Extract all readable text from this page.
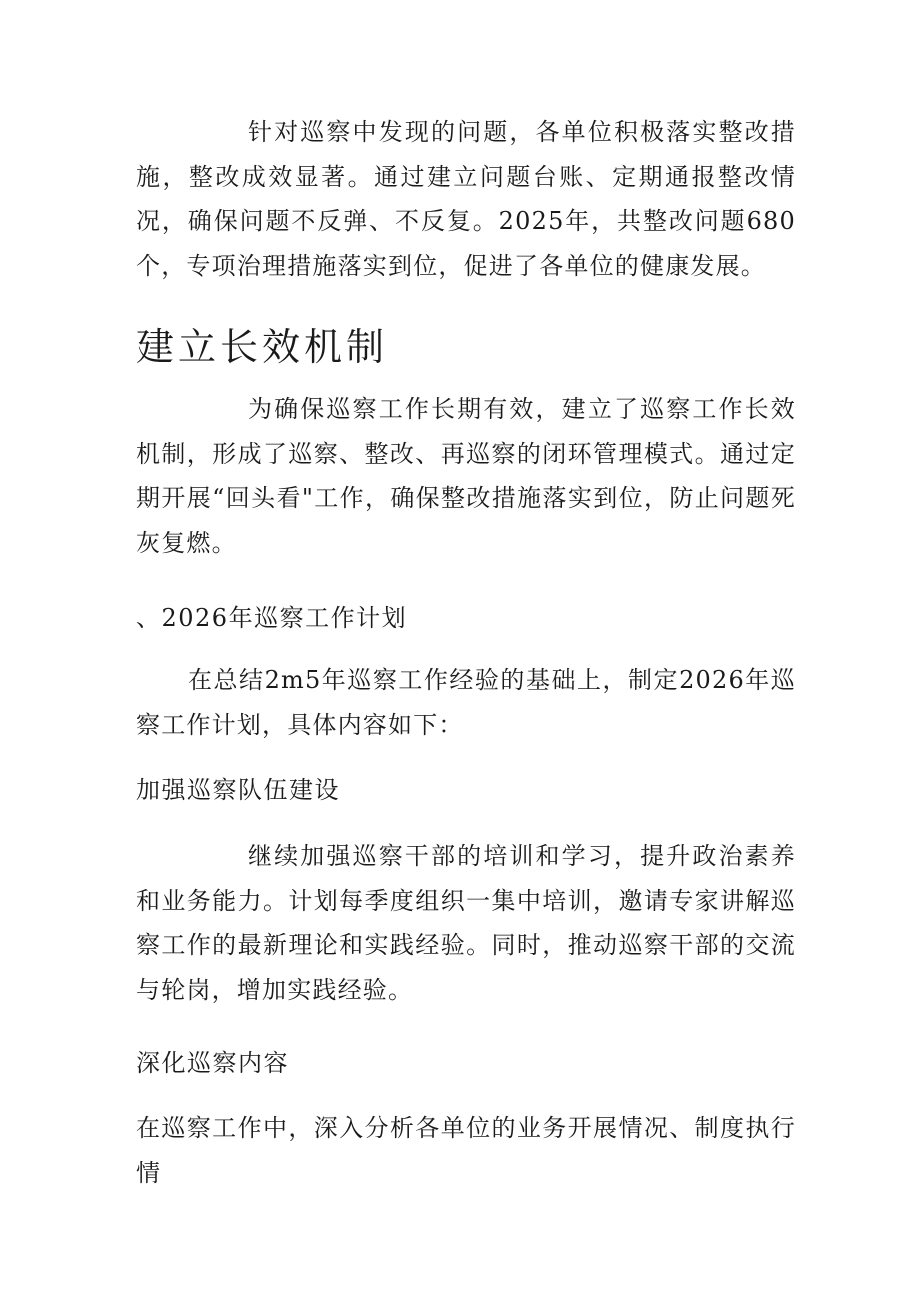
针对巡察中发现的问题，各单位积极落实整改措施，整改成效显著。通过建立问题台账、定期通报整改情况，确保问题不反弹、不反复。2025年，共整改问题680个，专项治理措施落实到位，促进了各单位的健康发展。

建立长效机制

为确保巡察工作长期有效，建立了巡察工作长效机制，形成了巡察、整改、再巡察的闭环管理模式。通过定期开展“回头看"工作，确保整改措施落实到位，防止问题死灰复燃。

、2026年巡察工作计划

在总结2m5年巡察工作经验的基础上，制定2026年巡察工作计划，具体内容如下：

加强巡察队伍建设

继续加强巡察干部的培训和学习，提升政治素养和业务能力。计划每季度组织一集中培训，邀请专家讲解巡察工作的最新理论和实践经验。同时，推动巡察干部的交流与轮岗，增加实践经验。

深化巡察内容

在巡察工作中，深入分析各单位的业务开展情况、制度执行情
